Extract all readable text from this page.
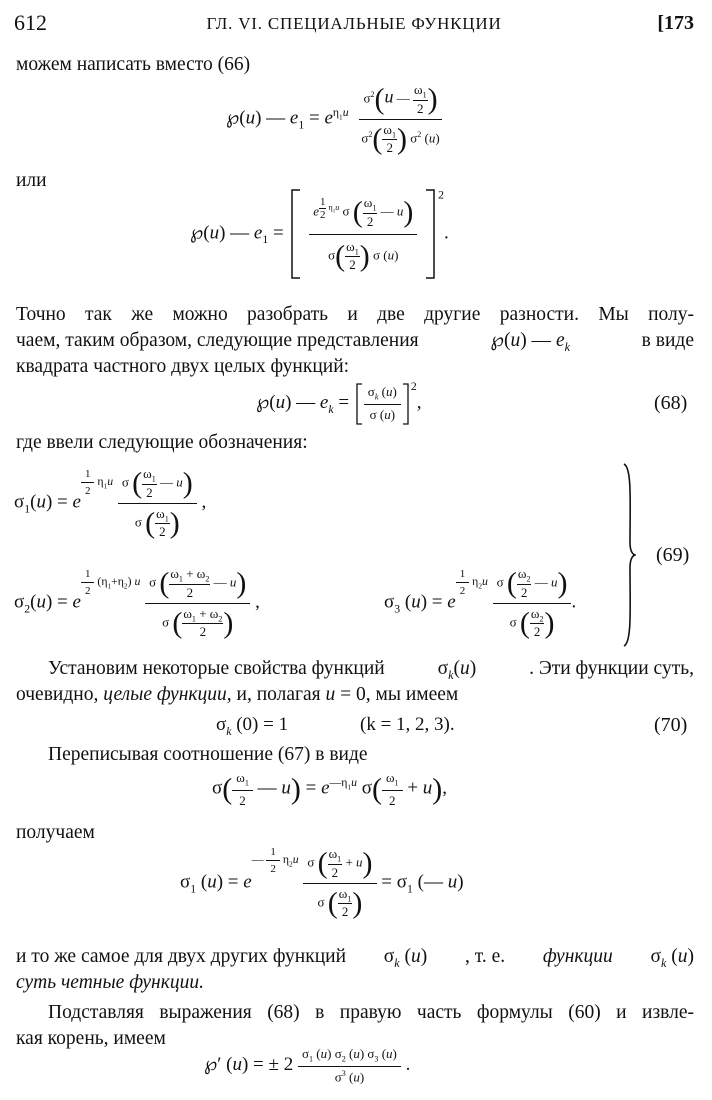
612	ГЛ. VI. СПЕЦИАЛЬНЫЕ ФУНКЦИИ	[173
можем написать вместо (66)
℘(u) — $e_1 = e^{\eta_1u} \frac{\sigma^2(u — \frac{\omega_1}{2} )}{\sigma^2( \frac{\omega_1}{2} ) \sigma^2 (u)}$
или
℘(u) — $e_1 = e$ $^{\frac{1}{2} \eta_1u}$ σ ( $\frac{\omega_1}{2}$ — u)
$\sigma( \frac{\omega_1}{2}$ ) σ (u)
$^2$.
Точно так же можно разобрать и две другие разности. Мы полу-
чаем, таким образом, следующие представления	℘(u) — $e_k$	в виде
квадрата частного двух целых функций:
℘(u) — $e_k = \frac{\sigma_k (u)}{\sigma (u)} ^2$,	(68)
где ввели следующие обозначения:
$\sigma_1(u) = e$
$^{\frac{1}{2} \eta_1u} \frac{\sigma ( \frac{\omega_1}{2} — u)}{\sigma ( \frac{\omega_1}{2} )}$ ,
$\sigma_2(u) = e$
$^{\frac{1}{2} (\eta_1+\eta_2) u} \frac{\sigma ( \frac{\omega_1 + \omega_2}{2} — u)}{\sigma ( \frac{\omega_1 + \omega_2}{2} )}$ ,	$\sigma_3$ (u) = e
$^{\frac{1}{2} \eta_2u} \frac{\sigma ( \frac{\omega_2}{2} — u)}{\sigma ( \frac{\omega_2}{2} )}$ .
(69)
Установим некоторые свойства функций	$\sigma_k(u)$	. Эти функции суть,
очевидно, целые функции, и, полагая u = 0, мы имеем
$\sigma_k$ (0) = 1	(k = 1, 2, 3).	(70)
Переписывая соотношение (67) в виде
$\sigma( \frac{\omega_1}{2}$ — $u) = e^{—\eta_1u}$ $\sigma( \frac{\omega_1}{2} + u)$,
получаем
$\sigma_1$ $(u) = e^{— \frac{1}{2} \eta_2u} \frac{\sigma ( \frac{\omega_1}{2} + u)}{\sigma ( \frac{\omega_1}{2} )} = \sigma_1$ (— u)
и то же самое для двух других функций $\sigma_k$ (u) , т. е. функции $\sigma_k$ (u)
суть четные функции.
Подставляя выражения (68) в правую часть формулы (60) и извле-
кая корень, имеем
℘′ (u) = ± $2 \frac{\sigma_1 (u) \sigma_2 (u) \sigma_3 (u)}{\sigma^3 (u)}$ .
